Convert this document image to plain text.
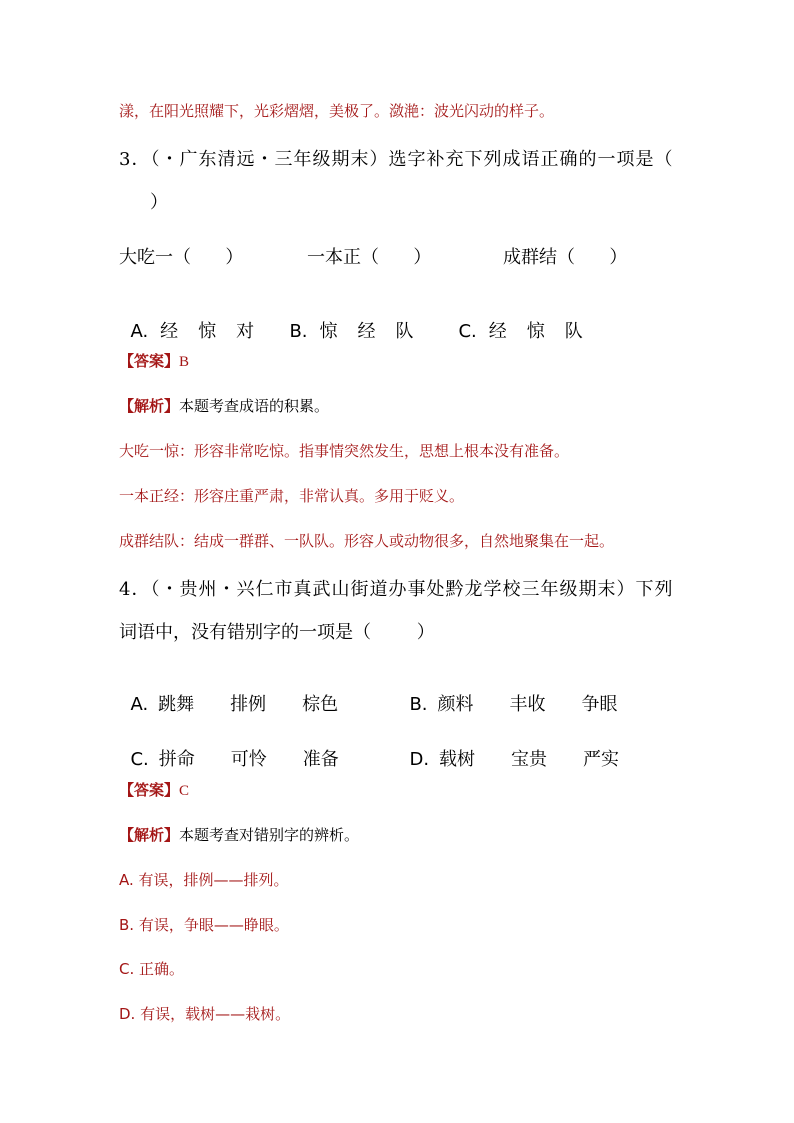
漾，在阳光照耀下，光彩熠熠，美极了。潋滟：波光闪动的样子。
3．（・广东清远・三年级期末）选字补充下列成语正确的一项是（
）
大吃一（      ）	一本正（      ）	成群结（      ）

A. 经 惊 对	B. 惊 经 队	C. 经 惊 队

【答案】B
【解析】本题考查成语的积累。
大吃一惊：形容非常吃惊。指事情突然发生，思想上根本没有准备。
一本正经：形容庄重严肃，非常认真。多用于贬义。
成群结队：结成一群群、一队队。形容人或动物很多，自然地聚集在一起。
4．（・贵州・兴仁市真武山街道办事处黔龙学校三年级期末）下列
词语中，没有错别字的一项是（        ）

A. 跳舞 排例 棕色	B. 颜料 丰收 争眼

C. 拼命 可怜 准备	D. 载树 宝贵 严实

【答案】C
【解析】本题考查对错别字的辨析。
A. 有误，排例——排列。
B. 有误，争眼——睁眼。
C. 正确。
D. 有误，载树——栽树。
